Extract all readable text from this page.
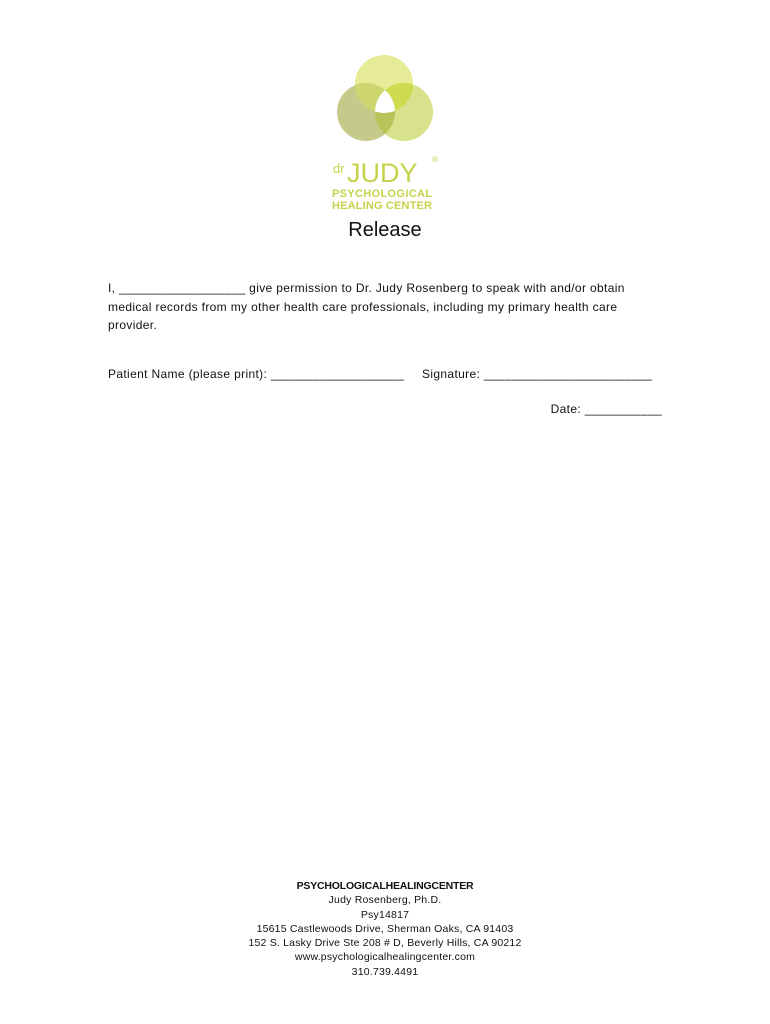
dr JUDY ®
PSYCHOLOGICAL
HEALING CENTER
Release
I, __________________ give permission to Dr. Judy Rosenberg to speak with and/or obtain medical records from my other health care professionals, including my primary health care provider.
Patient Name (please print): ___________________ Signature: ________________________
Date: ___________
PSYCHOLOGICALHEALINGCENTER
Judy Rosenberg, Ph.D.
Psy14817
15615 Castlewoods Drive, Sherman Oaks, CA 91403
152 S. Lasky Drive Ste 208 # D, Beverly Hills, CA 90212
www.psychologicalhealingcenter.com
310.739.4491
